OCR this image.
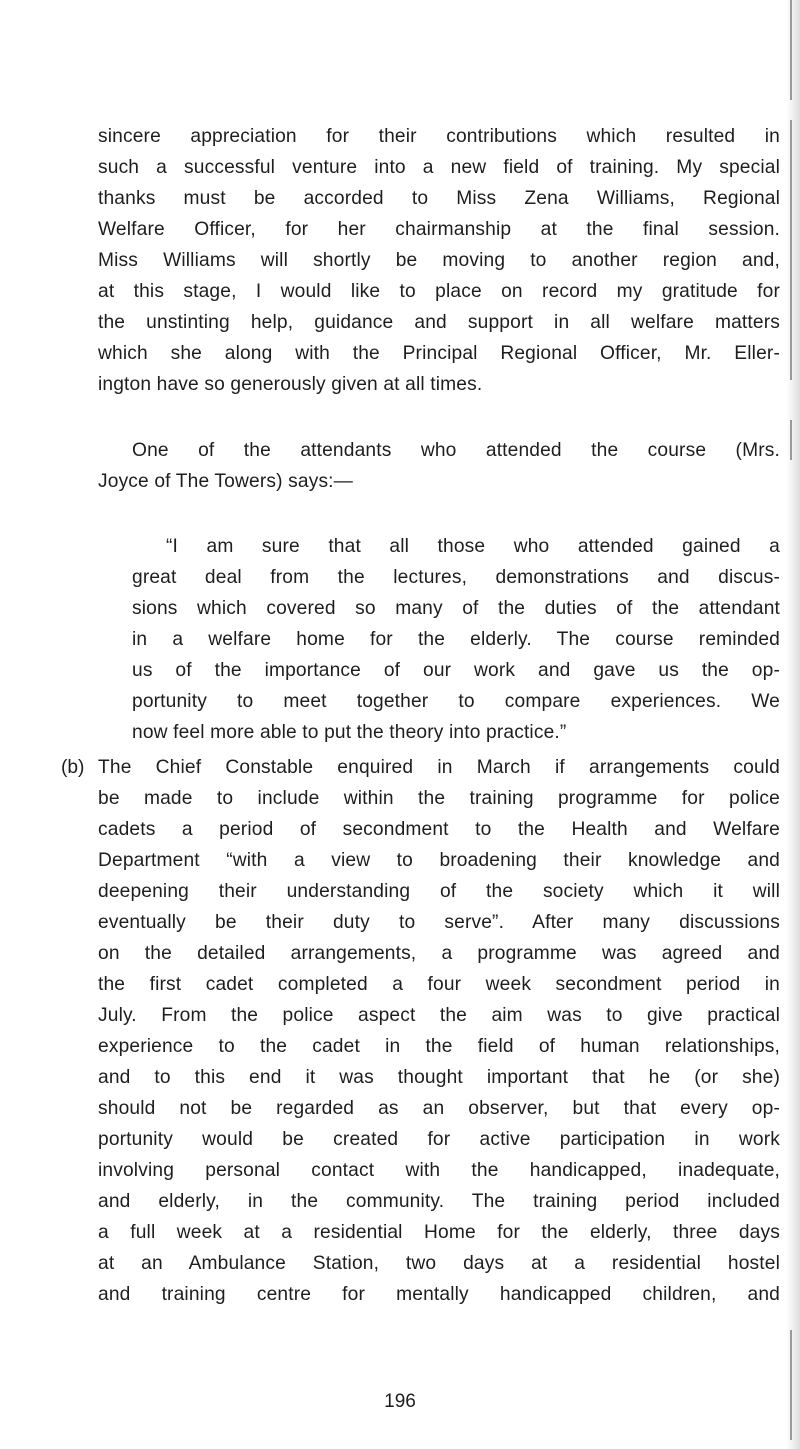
sincere appreciation for their contributions which resulted in

such a successful venture into a new field of training. My special

thanks must be accorded to Miss Zena Williams, Regional

Welfare Officer, for her chairmanship at the final session.

Miss Williams will shortly be moving to another region and,

at this stage, I would like to place on record my gratitude for

the unstinting help, guidance and support in all welfare matters

which she along with the Principal Regional Officer, Mr. Eller-

ington have so generously given at all times.

One of the attendants who attended the course (Mrs.

Joyce of The Towers) says:—

“I am sure that all those who attended gained a

great deal from the lectures, demonstrations and discus-

sions which covered so many of the duties of the attendant

in a welfare home for the elderly. The course reminded

us of the importance of our work and gave us the op-

portunity to meet together to compare experiences. We

now feel more able to put the theory into practice.”

(b) The Chief Constable enquired in March if arrangements could

be made to include within the training programme for police

cadets a period of secondment to the Health and Welfare

Department “with a view to broadening their knowledge and

deepening their understanding of the society which it will

eventually be their duty to serve”. After many discussions

on the detailed arrangements, a programme was agreed and

the first cadet completed a four week secondment period in

July. From the police aspect the aim was to give practical

experience to the cadet in the field of human relationships,

and to this end it was thought important that he (or she)

should not be regarded as an observer, but that every op-

portunity would be created for active participation in work

involving personal contact with the handicapped, inadequate,

and elderly, in the community. The training period included

a full week at a residential Home for the elderly, three days

at an Ambulance Station, two days at a residential hostel

and training centre for mentally handicapped children, and

196
